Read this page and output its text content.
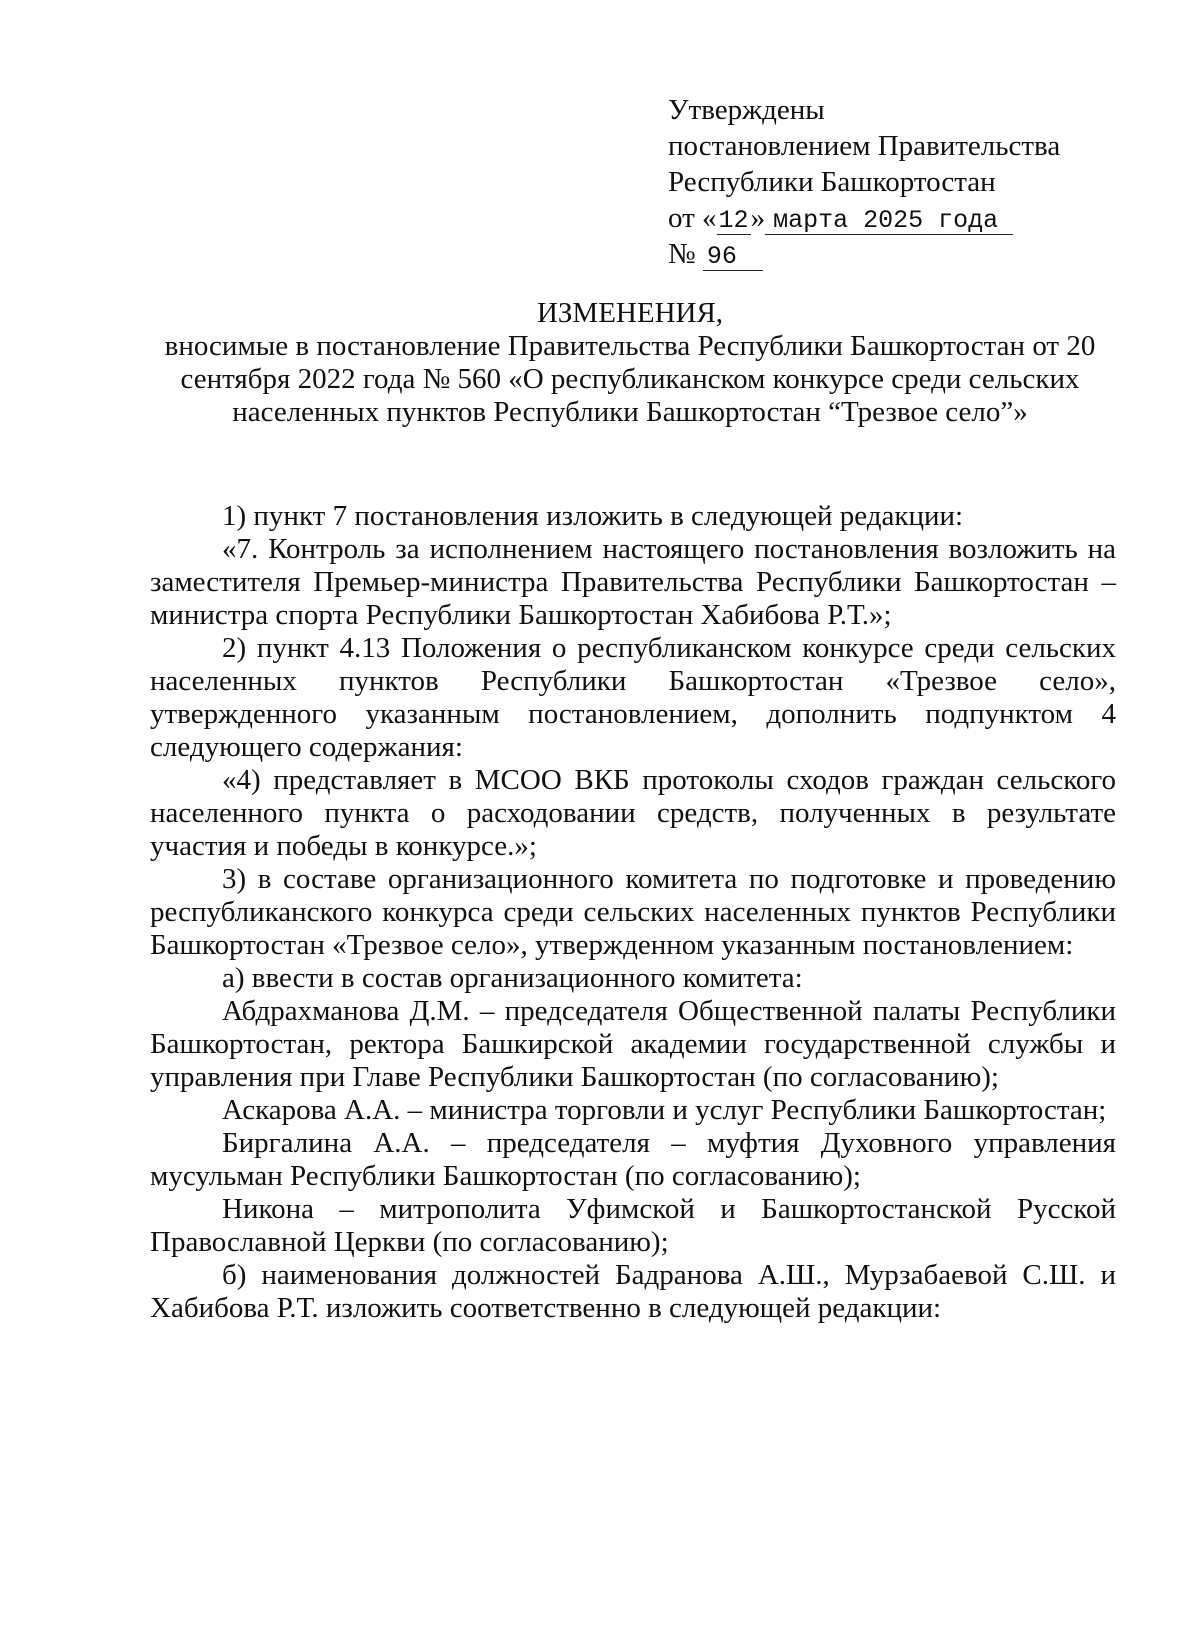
Утверждены
постановлением Правительства
Республики Башкортостан
от «12» марта 2025 года
№ 96
ИЗМЕНЕНИЯ,
вносимые в постановление Правительства Республики Башкортостан от 20 сентября 2022 года № 560 «О республиканском конкурсе среди сельских населенных пунктов Республики Башкортостан “Трезвое село”»

1) пункт 7 постановления изложить в следующей редакции:

«7. Контроль за исполнением настоящего постановления возложить на заместителя Премьер-министра Правительства Республики Башкортостан – министра спорта Республики Башкортостан Хабибова Р.Т.»;

2) пункт 4.13 Положения о республиканском конкурсе среди сельских населенных пунктов Республики Башкортостан «Трезвое село», утвержденного указанным постановлением, дополнить подпунктом 4 следующего содержания:

«4) представляет в МСОО ВКБ протоколы сходов граждан сельского населенного пункта о расходовании средств, полученных в результате участия и победы в конкурсе.»;

3) в составе организационного комитета по подготовке и проведению республиканского конкурса среди сельских населенных пунктов Республики Башкортостан «Трезвое село», утвержденном указанным постановлением:

а) ввести в состав организационного комитета:

Абдрахманова Д.М. – председателя Общественной палаты Республики Башкортостан, ректора Башкирской академии государственной службы и управления при Главе Республики Башкортостан (по согласованию);

Аскарова А.А. – министра торговли и услуг Республики Башкортостан;

Биргалина А.А. – председателя – муфтия Духовного управления мусульман Республики Башкортостан (по согласованию);

Никона – митрополита Уфимской и Башкортостанской Русской Православной Церкви (по согласованию);

б) наименования должностей Бадранова А.Ш., Мурзабаевой С.Ш. и Хабибова Р.Т. изложить соответственно в следующей редакции:
